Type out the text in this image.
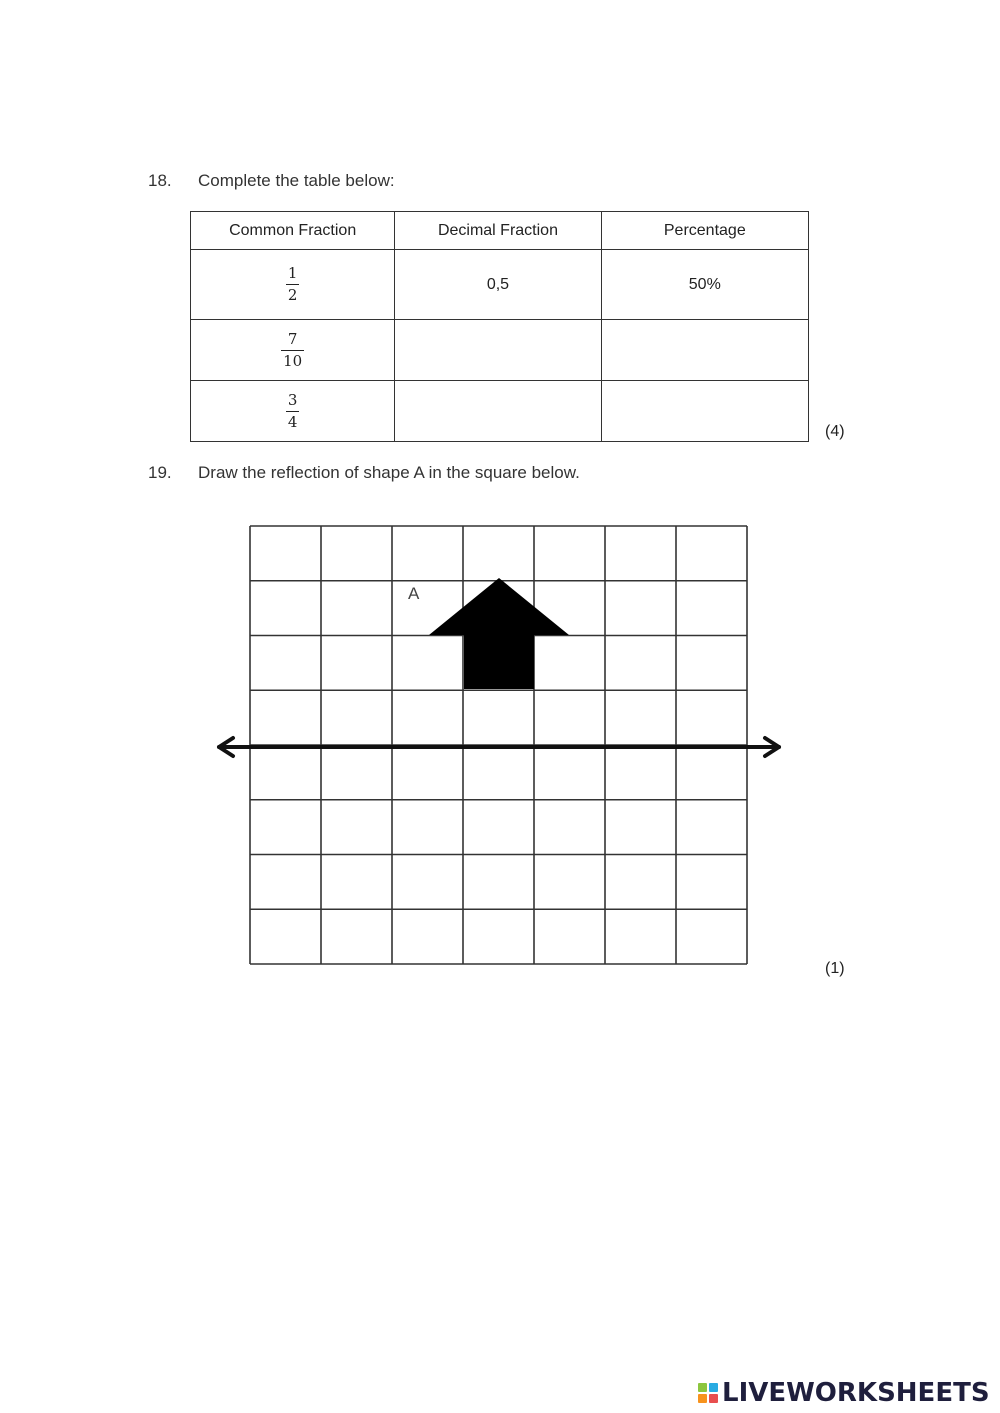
18. Complete the table below:
Common Fraction	Decimal Fraction	Percentage

$\frac{1}{2}$	0,5	50%

$\frac{7}{10}$

$\frac{3}{4}$

(4)
19. Draw the reflection of shape A in the square below.
A
(1)
LIVEWORKSHEETS
